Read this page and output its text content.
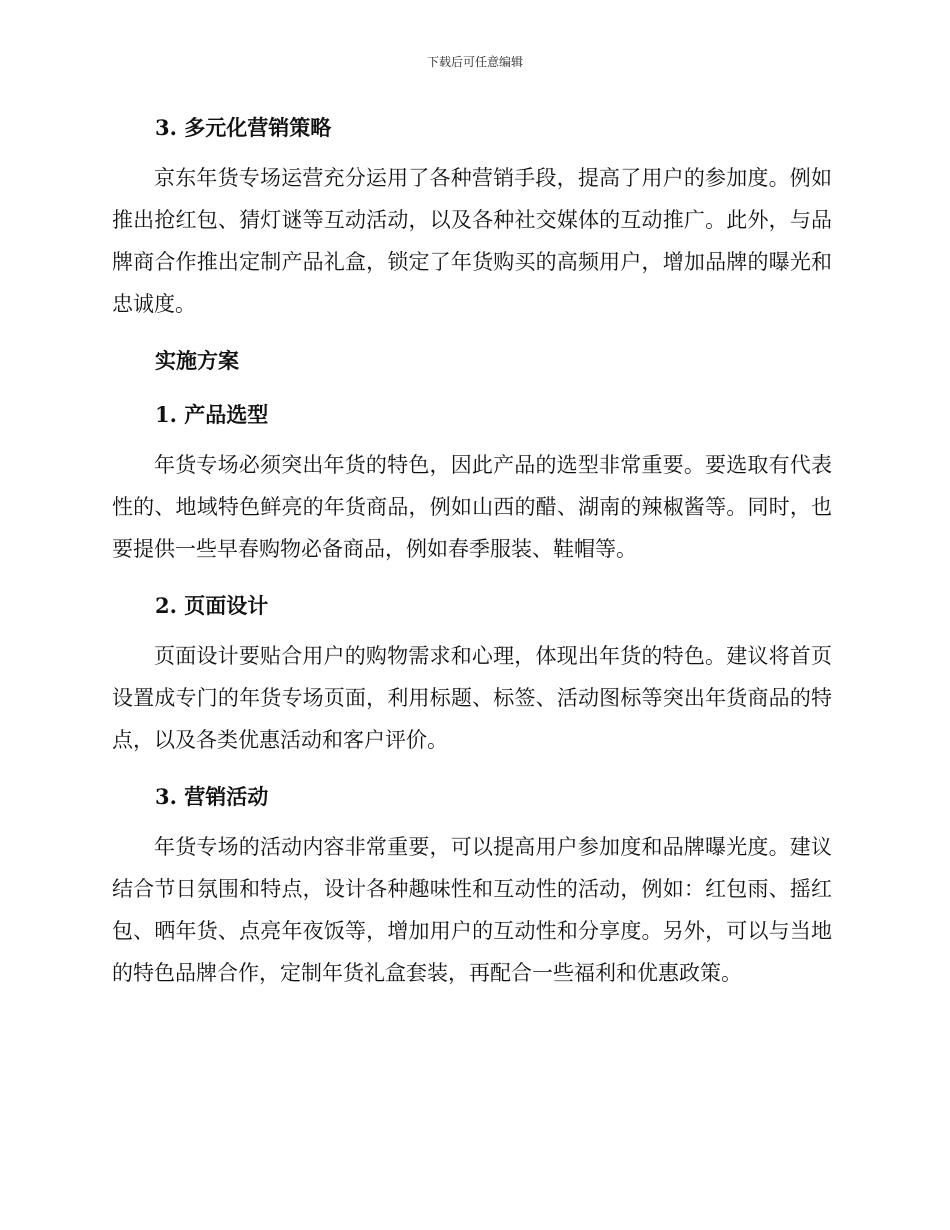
下载后可任意编辑
3. 多元化营销策略

京东年货专场运营充分运用了各种营销手段，提高了用户的参加度。例如推出抢红包、猜灯谜等互动活动，以及各种社交媒体的互动推广。此外，与品牌商合作推出定制产品礼盒，锁定了年货购买的高频用户，增加品牌的曝光和忠诚度。

实施方案
1. 产品选型

年货专场必须突出年货的特色，因此产品的选型非常重要。要选取有代表性的、地域特色鲜亮的年货商品，例如山西的醋、湖南的辣椒酱等。同时，也要提供一些早春购物必备商品，例如春季服装、鞋帽等。

2. 页面设计

页面设计要贴合用户的购物需求和心理，体现出年货的特色。建议将首页设置成专门的年货专场页面，利用标题、标签、活动图标等突出年货商品的特点，以及各类优惠活动和客户评价。

3. 营销活动

年货专场的活动内容非常重要，可以提高用户参加度和品牌曝光度。建议结合节日氛围和特点，设计各种趣味性和互动性的活动，例如：红包雨、摇红包、晒年货、点亮年夜饭等，增加用户的互动性和分享度。另外，可以与当地的特色品牌合作，定制年货礼盒套装，再配合一些福利和优惠政策。
